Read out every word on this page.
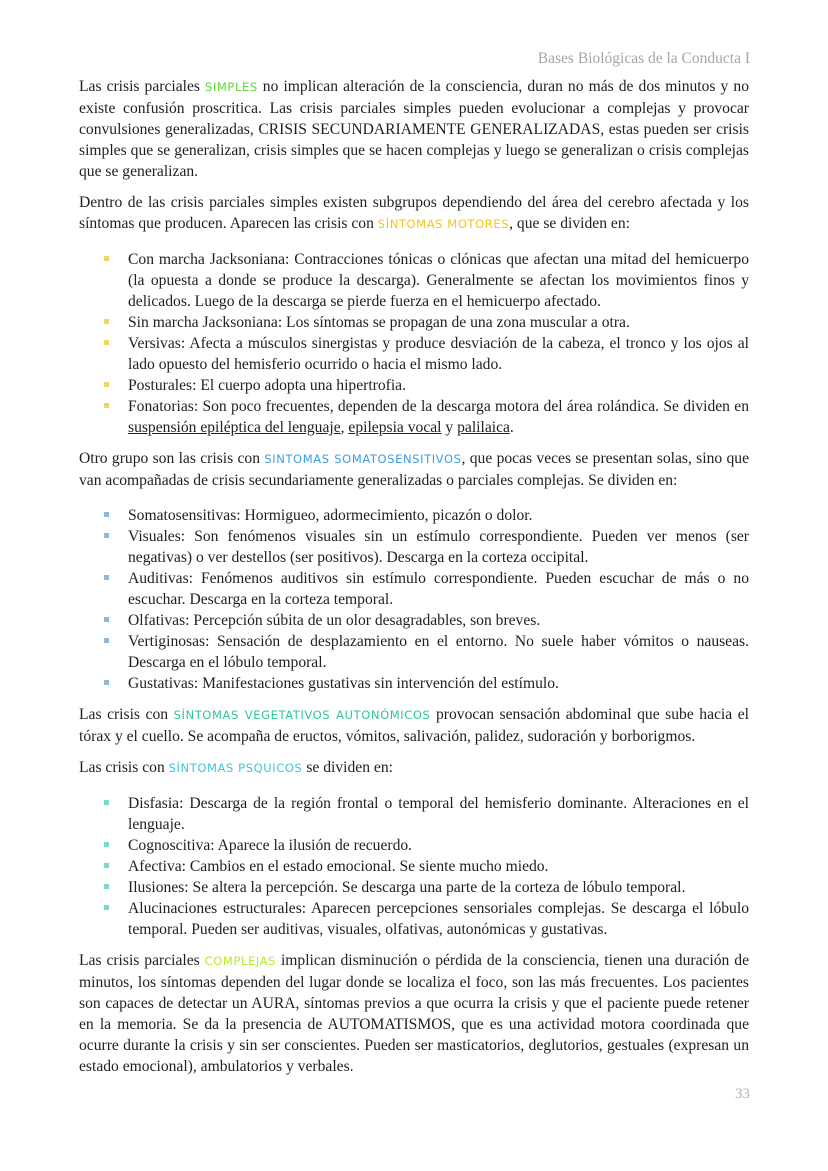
Bases Biológicas de la Conducta I

Las crisis parciales SIMPLES no implican alteración de la consciencia, duran no más de dos minutos y no existe confusión proscritica. Las crisis parciales simples pueden evolucionar a complejas y provocar convulsiones generalizadas, CRISIS SECUNDARIAMENTE GENERALIZADAS, estas pueden ser crisis simples que se generalizan, crisis simples que se hacen complejas y luego se generalizan o crisis complejas que se generalizan.

Dentro de las crisis parciales simples existen subgrupos dependiendo del área del cerebro afectada y los síntomas que producen. Aparecen las crisis con SÍNTOMAS MOTORES, que se dividen en:

Con marcha Jacksoniana: Contracciones tónicas o clónicas que afectan una mitad del hemicuerpo (la opuesta a donde se produce la descarga). Generalmente se afectan los movimientos finos y delicados. Luego de la descarga se pierde fuerza en el hemicuerpo afectado.
Sin marcha Jacksoniana: Los síntomas se propagan de una zona muscular a otra.
Versivas: Afecta a músculos sinergistas y produce desviación de la cabeza, el tronco y los ojos al lado opuesto del hemisferio ocurrido o hacia el mismo lado.
Posturales: El cuerpo adopta una hipertrofia.
Fonatorias: Son poco frecuentes, dependen de la descarga motora del área rolándica. Se dividen en suspensión epiléptica del lenguaje, epilepsia vocal y palilaica.

Otro grupo son las crisis con SINTOMAS SOMATOSENSITIVOS, que pocas veces se presentan solas, sino que van acompañadas de crisis secundariamente generalizadas o parciales complejas. Se dividen en:

Somatosensitivas: Hormigueo, adormecimiento, picazón o dolor.
Visuales: Son fenómenos visuales sin un estímulo correspondiente. Pueden ver menos (ser negativas) o ver destellos (ser positivos). Descarga en la corteza occipital.
Auditivas: Fenómenos auditivos sin estímulo correspondiente. Pueden escuchar de más o no escuchar. Descarga en la corteza temporal.
Olfativas: Percepción súbita de un olor desagradables, son breves.
Vertiginosas: Sensación de desplazamiento en el entorno. No suele haber vómitos o nauseas. Descarga en el lóbulo temporal.
Gustativas: Manifestaciones gustativas sin intervención del estímulo.

Las crisis con SÍNTOMAS VEGETATIVOS AUTONÓMICOS provocan sensación abdominal que sube hacia el tórax y el cuello. Se acompaña de eructos, vómitos, salivación, palidez, sudoración y borborigmos.

Las crisis con SÍNTOMAS PSQUICOS se dividen en:

Disfasia: Descarga de la región frontal o temporal del hemisferio dominante. Alteraciones en el lenguaje.
Cognoscitiva: Aparece la ilusión de recuerdo.
Afectiva: Cambios en el estado emocional. Se siente mucho miedo.
Ilusiones: Se altera la percepción. Se descarga una parte de la corteza de lóbulo temporal.
Alucinaciones estructurales: Aparecen percepciones sensoriales complejas. Se descarga el lóbulo temporal. Pueden ser auditivas, visuales, olfativas, autonómicas y gustativas.

Las crisis parciales COMPLEJAS implican disminución o pérdida de la consciencia, tienen una duración de minutos, los síntomas dependen del lugar donde se localiza el foco, son las más frecuentes. Los pacientes son capaces de detectar un AURA, síntomas previos a que ocurra la crisis y que el paciente puede retener en la memoria. Se da la presencia de AUTOMATISMOS, que es una actividad motora coordinada que ocurre durante la crisis y sin ser conscientes. Pueden ser masticatorios, deglutorios, gestuales (expresan un estado emocional), ambulatorios y verbales.

33
